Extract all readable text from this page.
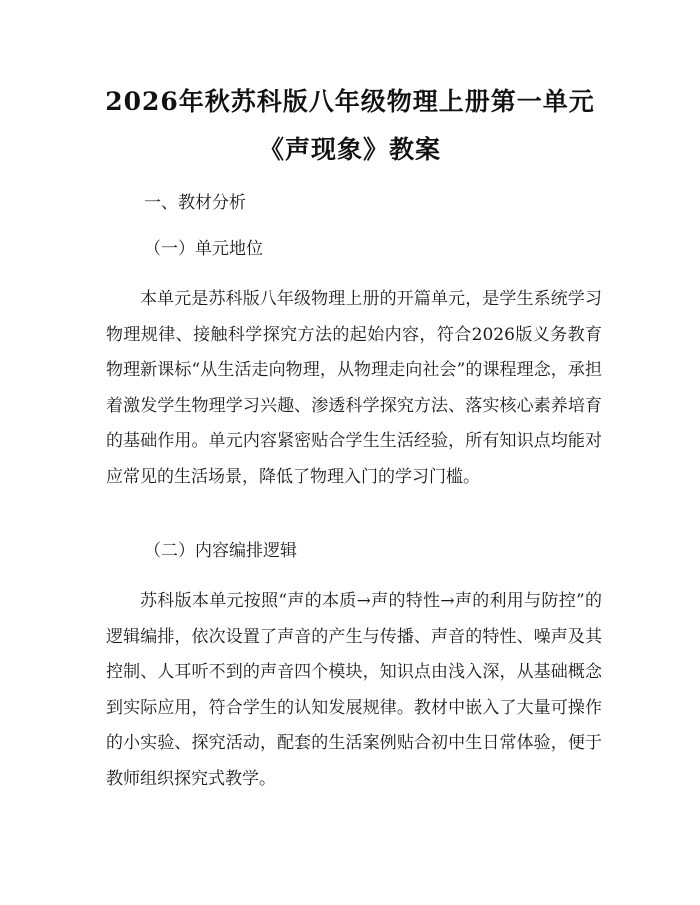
2026年秋苏科版八年级物理上册第一单元
《声现象》教案
一、教材分析
（一）单元地位

本单元是苏科版八年级物理上册的开篇单元，是学生系统学习物理规律、接触科学探究方法的起始内容，符合2026版义务教育物理新课标“从生活走向物理，从物理走向社会”的课程理念，承担着激发学生物理学习兴趣、渗透科学探究方法、落实核心素养培育的基础作用。单元内容紧密贴合学生生活经验，所有知识点均能对应常见的生活场景，降低了物理入门的学习门槛。

（二）内容编排逻辑

苏科版本单元按照“声的本质→声的特性→声的利用与防控”的逻辑编排，依次设置了声音的产生与传播、声音的特性、噪声及其控制、人耳听不到的声音四个模块，知识点由浅入深，从基础概念到实际应用，符合学生的认知发展规律。教材中嵌入了大量可操作的小实验、探究活动，配套的生活案例贴合初中生日常体验，便于教师组织探究式教学。
